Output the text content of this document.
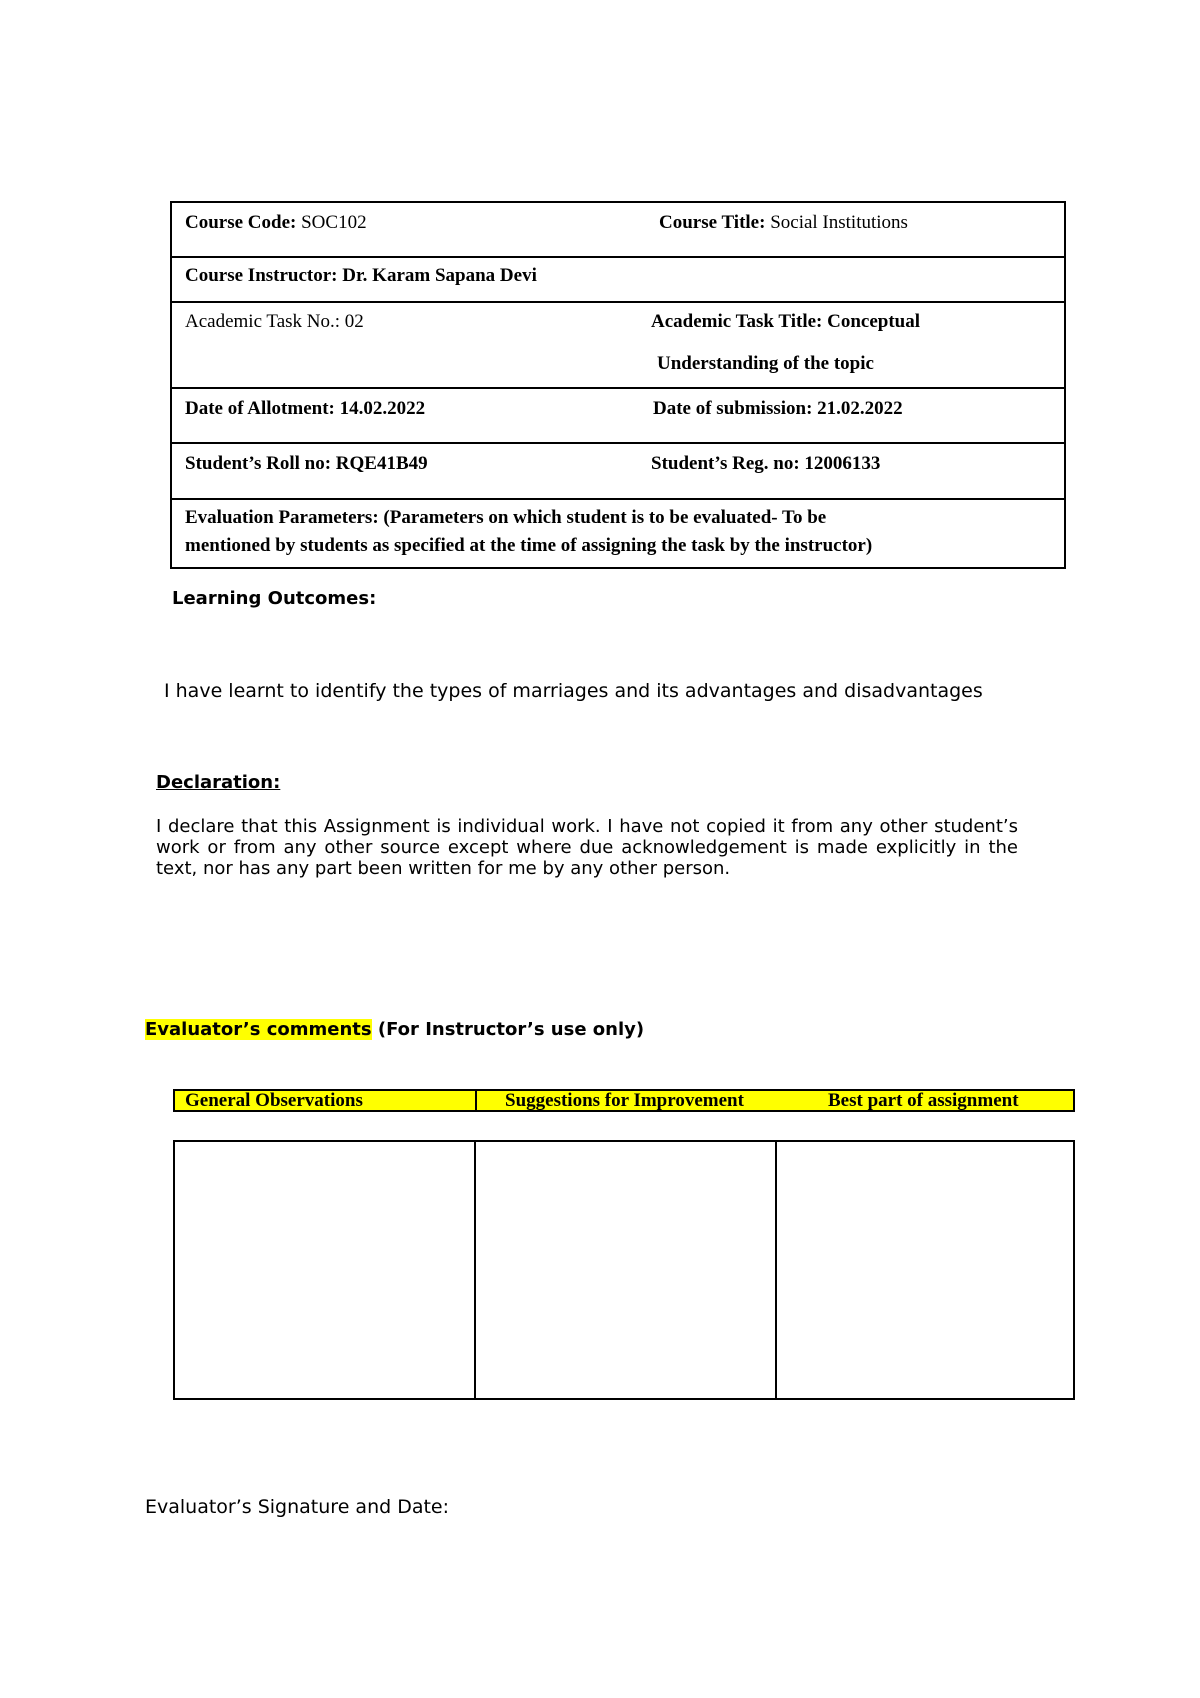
Course Code: SOC102	Course Title: Social Institutions
Course Instructor: Dr. Karam Sapana Devi
Academic Task No.: 02	Academic Task Title: Conceptual
Understanding of the topic
Date of Allotment: 14.02.2022	Date of submission: 21.02.2022
Student’s Roll no: RQE41B49	Student’s Reg. no: 12006133
Evaluation Parameters: (Parameters on which student is to be evaluated- To be
mentioned by students as specified at the time of assigning the task by the instructor)
Learning Outcomes:
I have learnt to identify the types of marriages and its advantages and disadvantages
Declaration:
I declare that this Assignment is individual work. I have not copied it from any other student’s
work or from any other source except where due acknowledgement is made explicitly in the
text, nor has any part been written for me by any other person.
Evaluator’s comments (For Instructor’s use only)
General Observations	Suggestions for Improvement	Best part of assignment
Evaluator’s Signature and Date:
